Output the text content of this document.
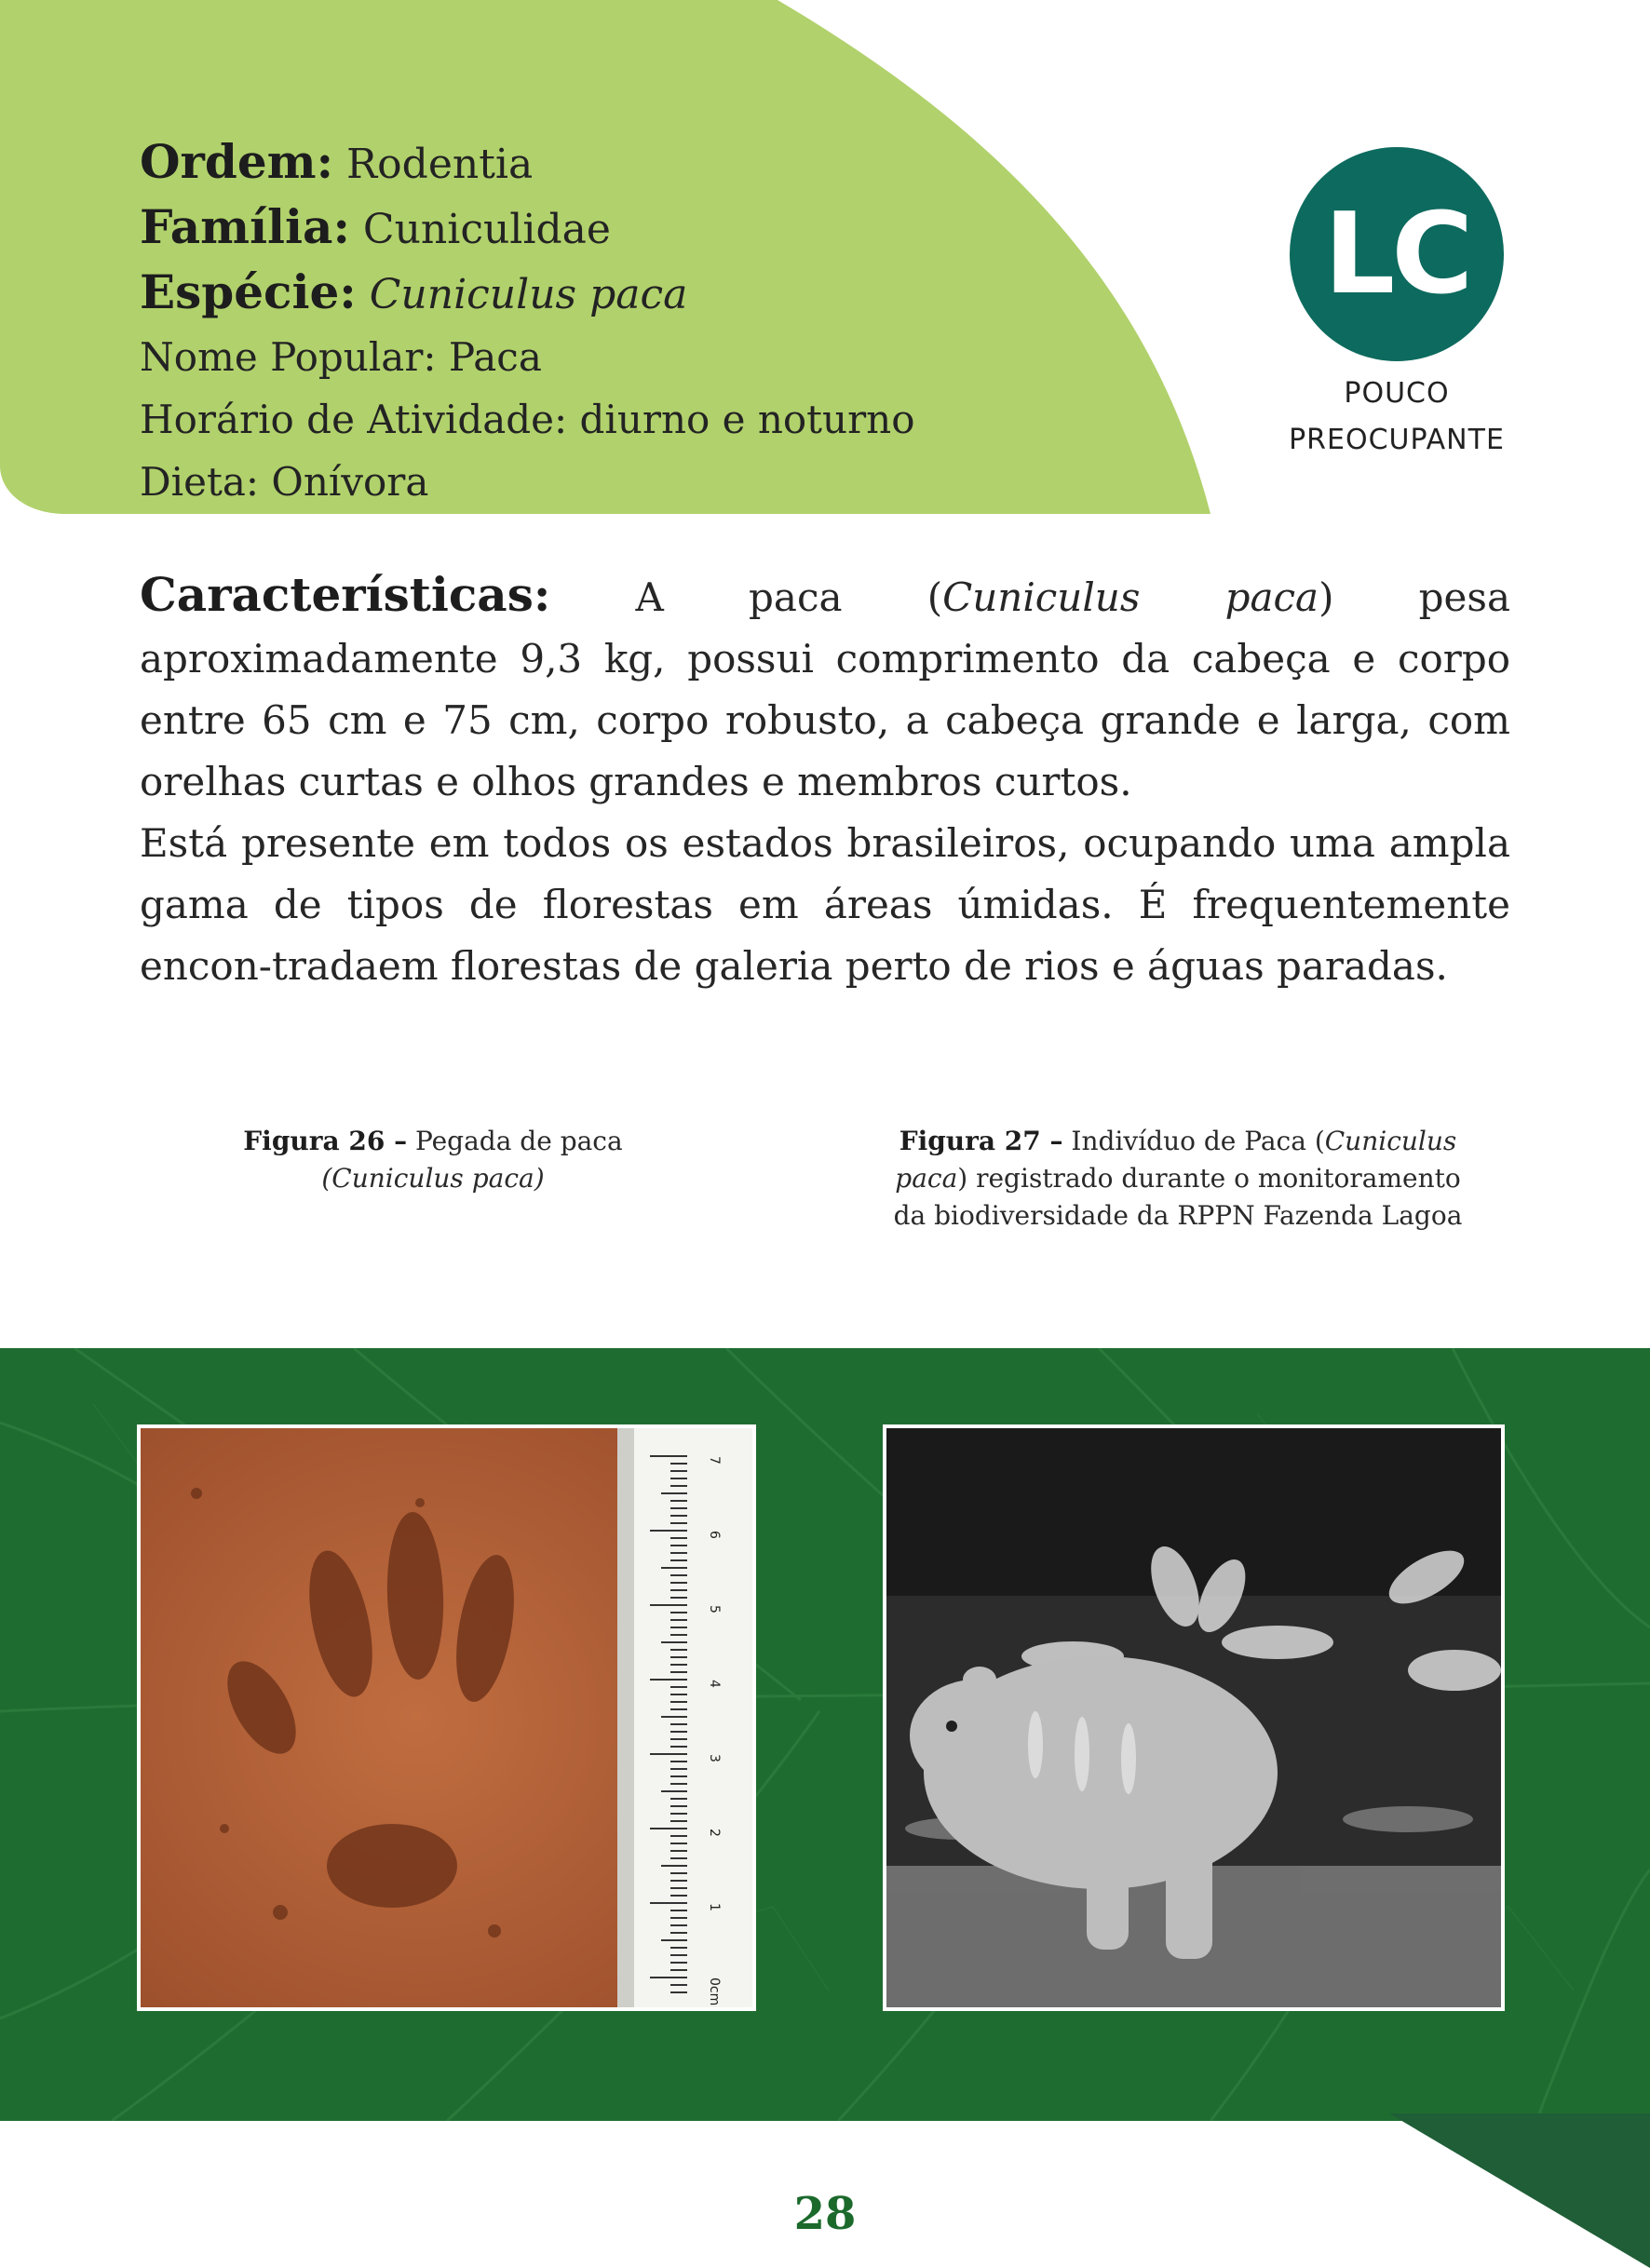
Ordem: Rodentia
Família: Cuniculidae
Espécie: Cuniculus paca
Nome Popular: Paca
Horário de Atividade: diurno e noturno
Dieta: Onívora
LC
POUCO
PREOCUPANTE

Características: A paca (Cuniculus paca) pesa aproximadamente 9,3 kg, possui comprimento da cabeça e corpo entre 65 cm e 75 cm, corpo robusto, a cabeça grande e larga, com orelhas curtas e olhos grandes e membros curtos.

Está presente em todos os estados brasileiros, ocupando uma ampla gama de tipos de florestas em áreas úmidas. É frequentemente encon-tradaem florestas de galeria perto de rios e águas paradas.

Figura 26 – Pegada de paca
(Cuniculus paca)
Figura 27 – Indivíduo de Paca (Cuniculus paca) registrado durante o monitoramento da biodiversidade da RPPN Fazenda Lagoa
7
6
5
4
3
2
1
0cm
28
